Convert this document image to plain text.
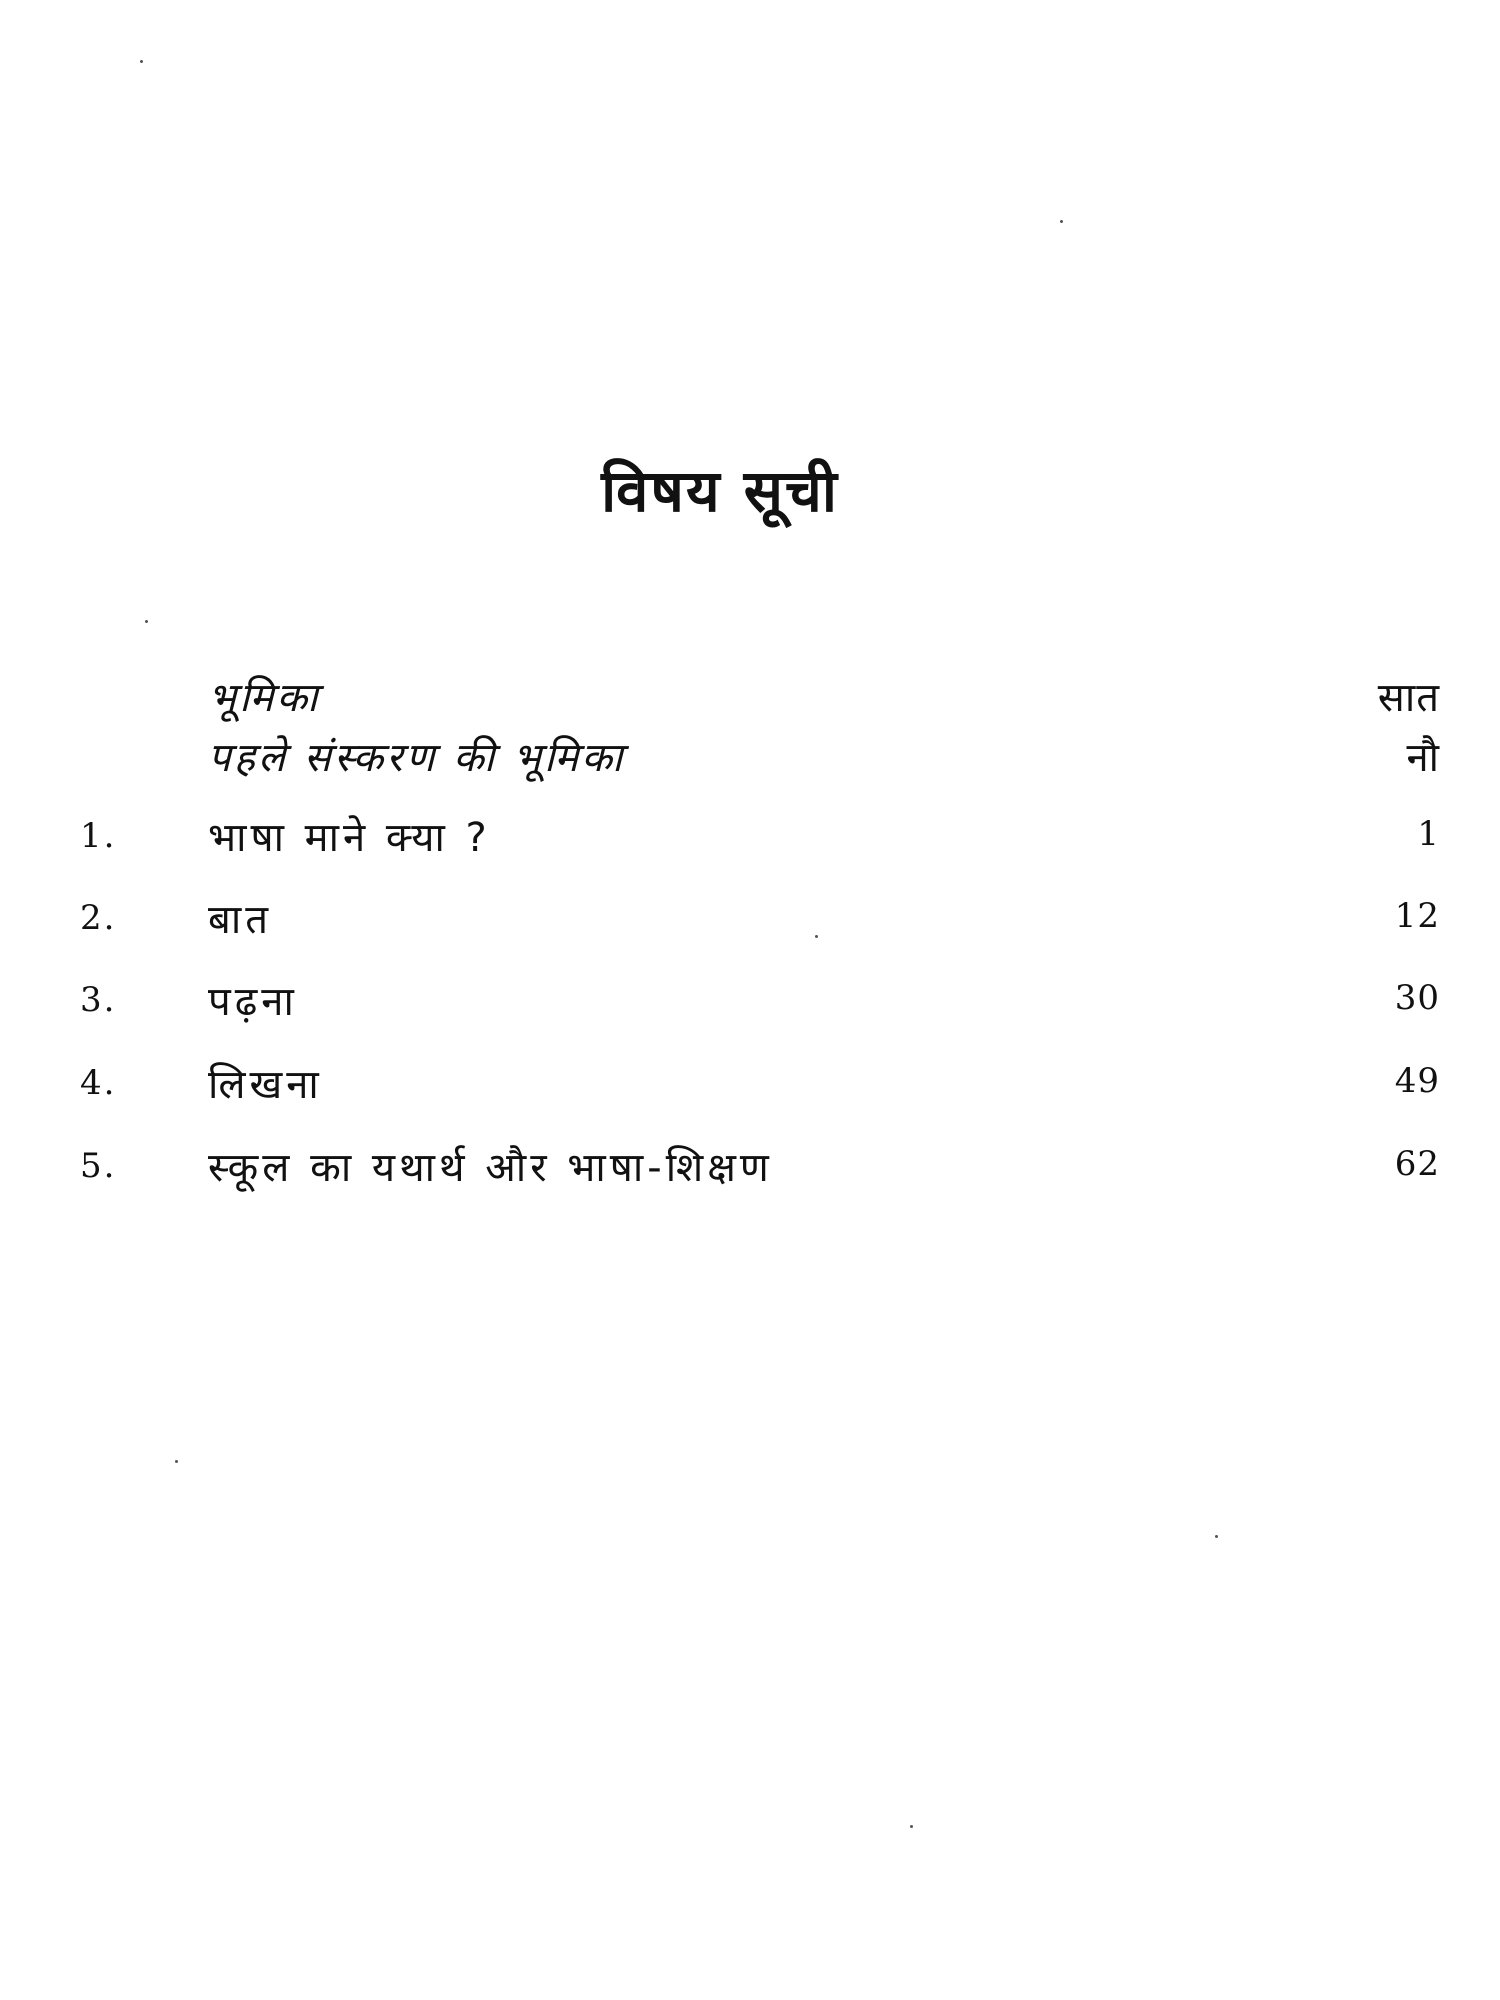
विषय सूची
भूमिका	सात
पहले संस्करण की भूमिका	नौ
1. भाषा माने क्या ?	1
2. बात	12
3. पढ़ना	30
4. लिखना	49
5. स्कूल का यथार्थ और भाषा-शिक्षण	62
